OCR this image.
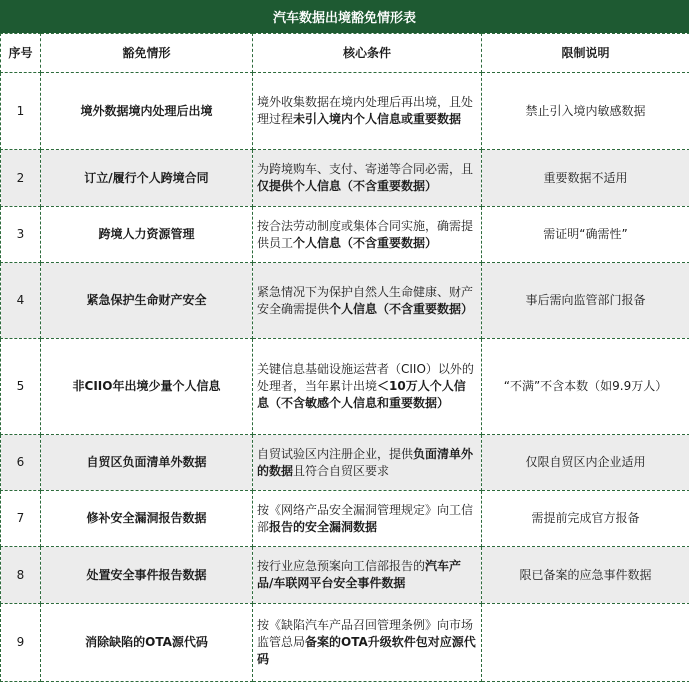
汽车数据出境豁免情形表
序号	豁免情形	核心条件	限制说明
1	境外数据境内处理后出境	境外收集数据在境内处理后再出境，且处理过程未引入境内个人信息或重要数据	禁止引入境内敏感数据
2	订立/履行个人跨境合同	为跨境购车、支付、寄递等合同必需，且仅提供个人信息（不含重要数据）	重要数据不适用
3	跨境人力资源管理	按合法劳动制度或集体合同实施，确需提供员工个人信息（不含重要数据）	需证明“确需性”
4	紧急保护生命财产安全	紧急情况下为保护自然人生命健康、财产安全确需提供个人信息（不含重要数据）	事后需向监管部门报备
5	非CIIO年出境少量个人信息	关键信息基础设施运营者（CIIO）以外的处理者，当年累计出境＜10万人个人信息（不含敏感个人信息和重要数据）	“不满”不含本数（如9.9万人）
6	自贸区负面清单外数据	自贸试验区内注册企业，提供负面清单外的数据且符合自贸区要求	仅限自贸区内企业适用
7	修补安全漏洞报告数据	按《网络产品安全漏洞管理规定》向工信部报告的安全漏洞数据	需提前完成官方报备
8	处置安全事件报告数据	按行业应急预案向工信部报告的汽车产品/车联网平台安全事件数据	限已备案的应急事件数据
9	消除缺陷的OTA源代码	按《缺陷汽车产品召回管理条例》向市场监管总局备案的OTA升级软件包对应源代码	
